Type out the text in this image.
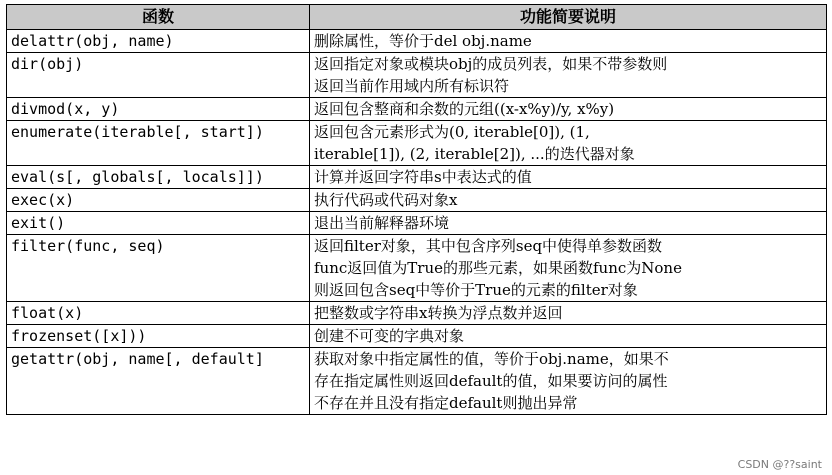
函数	功能简要说明
delattr(obj, name)	删除属性，等价于del obj.name

dir(obj)	返回指定对象或模块obj的成员列表，如果不带参数则
返回当前作用域内所有标识符

divmod(x, y)	返回包含整商和余数的元组((x-x%y)/y, x%y)

enumerate(iterable[, start])	返回包含元素形式为(0, iterable[0]), (1,
iterable[1]), (2, iterable[2]), ...的迭代器对象

eval(s[, globals[, locals]])	计算并返回字符串s中表达式的值

exec(x)	执行代码或代码对象x

exit()	退出当前解释器环境

filter(func, seq)	返回filter对象，其中包含序列seq中使得单参数函数
func返回值为True的那些元素，如果函数func为None
则返回包含seq中等价于True的元素的filter对象

float(x)	把整数或字符串x转换为浮点数并返回

frozenset([x]))	创建不可变的字典对象

getattr(obj, name[, default]	获取对象中指定属性的值，等价于obj.name，如果不
存在指定属性则返回default的值，如果要访问的属性
不存在并且没有指定default则抛出异常
CSDN @??saint
